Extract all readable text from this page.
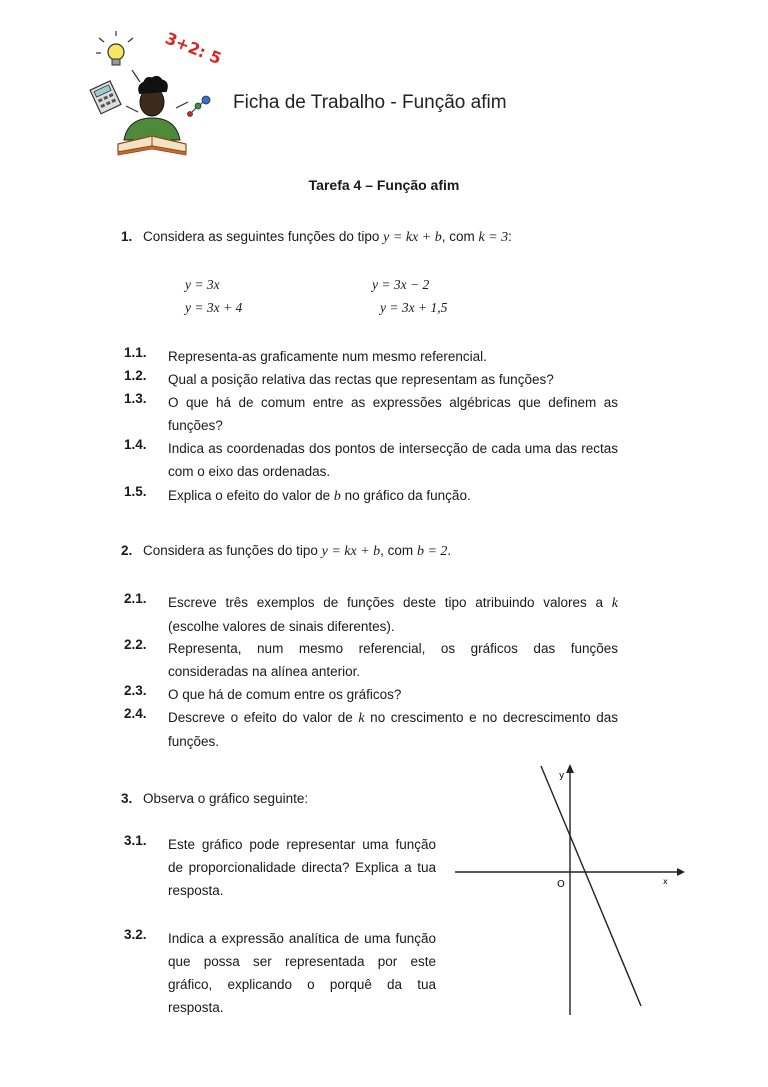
3+2: 5
Ficha de Trabalho - Função afim
Tarefa 4 – Função afim
1. Considera as seguintes funções do tipo y = kx + b, com k = 3:
y = 3x	y = 3x − 2
y = 3x + 4	y = 3x + 1,5
1.1. Representa-as graficamente num mesmo referencial.
1.2. Qual a posição relativa das rectas que representam as funções?
1.3. O que há de comum entre as expressões algébricas que definem as funções?
1.4. Indica as coordenadas dos pontos de intersecção de cada uma das rectas com o eixo das ordenadas.
1.5. Explica o efeito do valor de b no gráfico da função.
2. Considera as funções do tipo y = kx + b, com b = 2.
2.1. Escreve três exemplos de funções deste tipo atribuindo valores a k (escolhe valores de sinais diferentes).
2.2. Representa, num mesmo referencial, os gráficos das funções consideradas na alínea anterior.
2.3. O que há de comum entre os gráficos?
2.4. Descreve o efeito do valor de k no crescimento e no decrescimento das funções.
3. Observa o gráfico seguinte:
3.1. Este gráfico pode representar uma função de proporcionalidade directa? Explica a tua resposta.
3.2. Indica a expressão analítica de uma função que possa ser representada por este gráfico, explicando o porquê da tua resposta.
y
x
O
